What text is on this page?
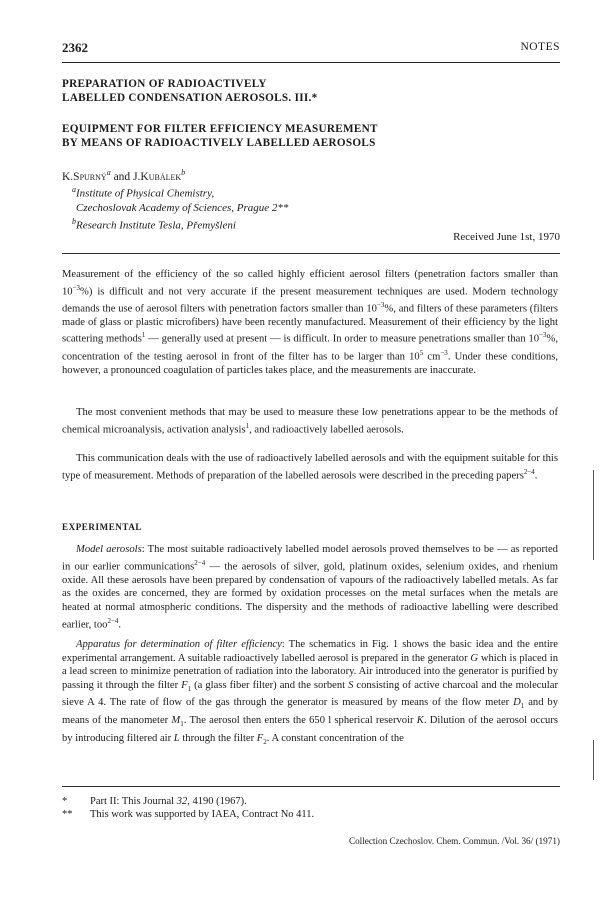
2362	NOTES
PREPARATION OF RADIOACTIVELY
LABELLED CONDENSATION AEROSOLS. III.*
EQUIPMENT FOR FILTER EFFICIENCY MEASUREMENT
BY MEANS OF RADIOACTIVELY LABELLED AEROSOLS
K.Spurný$^a$ and J.Kubálek$^b$
$^a$Institute of Physical Chemistry,
Czechoslovak Academy of Sciences, Prague 2**
$^b$Research Institute Tesla, Přemyšleni
Received June 1st, 1970
Measurement of the efficiency of the so called highly efficient aerosol filters (penetration factors smaller than $10^{-3}\%$) is difficult and not very accurate if the present measurement techniques are used. Modern technology demands the use of aerosol filters with penetration factors smaller than $10^{-3}\%$, and filters of these parameters (filters made of glass or plastic microfibers) have been recently manufactured. Measurement of their efficiency by the light scattering methods$^1$ — generally used at present — is difficult. In order to measure penetrations smaller than $10^{-3}\%$, concentration of the testing aerosol in front of the filter has to be larger than $10^5$ $cm^{-3}$. Under these conditions, however, a pronounced coagulation of particles takes place, and the measurements are inaccurate.
The most convenient methods that may be used to measure these low penetrations appear to be the methods of chemical microanalysis, activation analysis$^1$, and radioactively labelled aerosols.
This communication deals with the use of radioactively labelled aerosols and with the equipment suitable for this type of measurement. Methods of preparation of the labelled aerosols were described in the preceding papers$^{2-4}$.
EXPERIMENTAL
Model aerosols: The most suitable radioactively labelled model aerosols proved themselves to be — as reported in our earlier communications$^{2-4}$ — the aerosols of silver, gold, platinum oxides, selenium oxides, and rhenium oxide. All these aerosols have been prepared by condensation of vapours of the radioactively labelled metals. As far as the oxides are concerned, they are formed by oxidation processes on the metal surfaces when the metals are heated at normal atmospheric conditions. The dispersity and the methods of radioactive labelling were described earlier, too$^{2-4}$.
Apparatus for determination of filter efficiency: The schematics in Fig. 1 shows the basic idea and the entire experimental arrangement. A suitable radioactively labelled aerosol is prepared in the generator G which is placed in a lead screen to minimize penetration of radiation into the laboratory. Air introduced into the generator is purified by passing it through the filter $F_1$ (a glass fiber filter) and the sorbent S consisting of active charcoal and the molecular sieve A 4. The rate of flow of the gas through the generator is measured by means of the flow meter $D_1$ and by means of the manometer $M_1$. The aerosol then enters the 650 l spherical reservoir K. Dilution of the aerosol occurs by introducing filtered air L through the filter $F_2$. A constant concentration of the
* Part II: This Journal 32, 4190 (1967).
** This work was supported by IAEA, Contract No 411.
Collection Czechoslov. Chem. Commun. /Vol. 36/ (1971)
